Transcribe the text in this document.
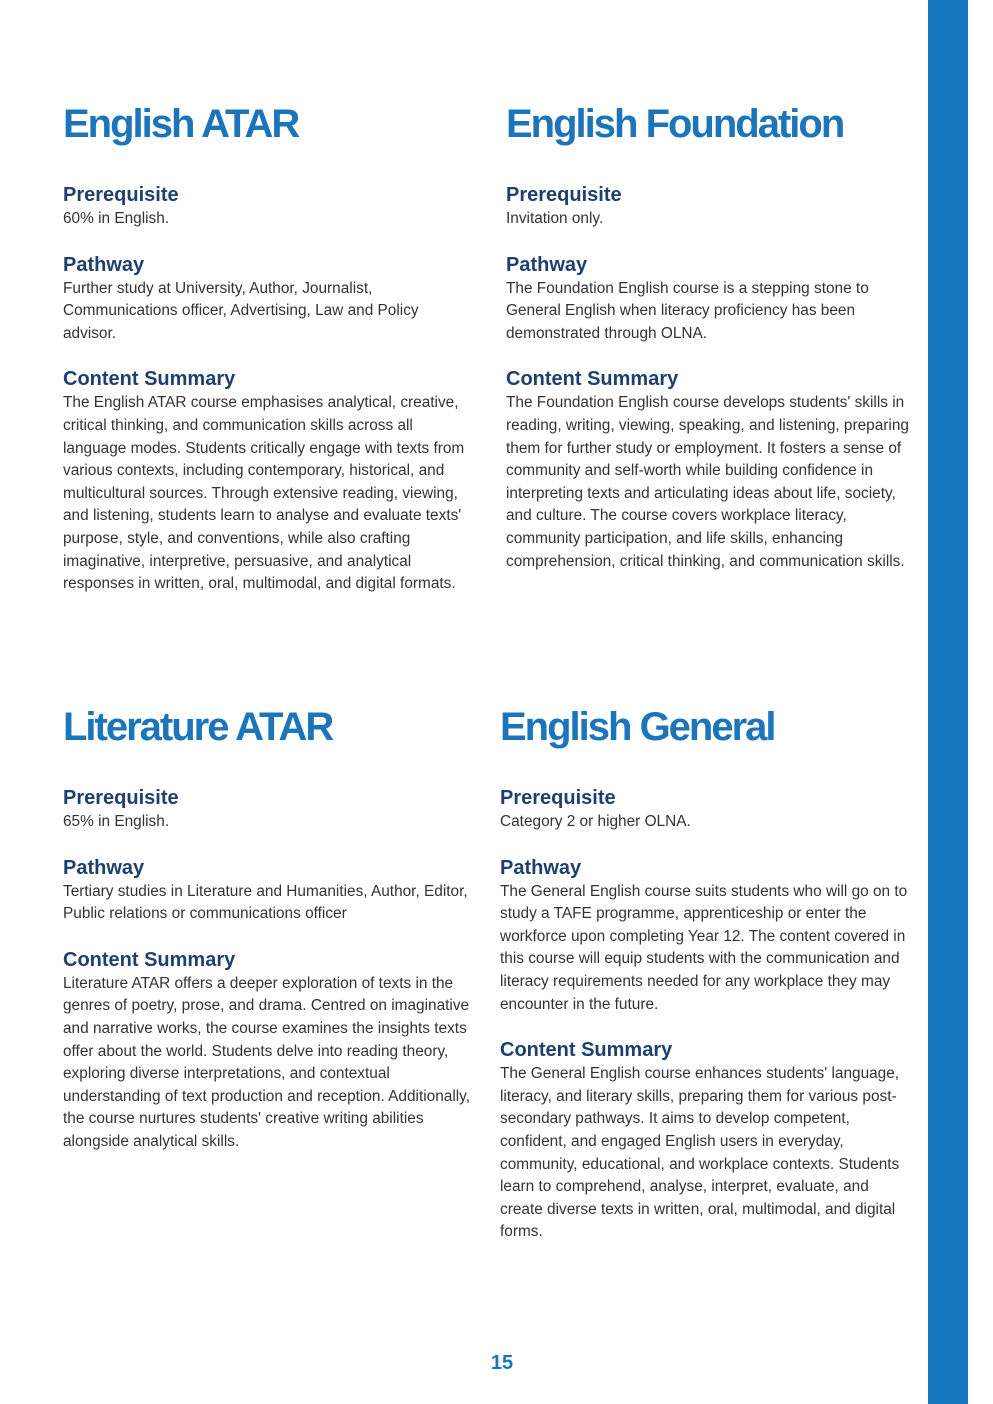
English ATAR
Prerequisite

60% in English.

Pathway

Further study at University, Author, Journalist, Communications officer, Advertising, Law and Policy advisor.

Content Summary

The English ATAR course emphasises analytical, creative, critical thinking, and communication skills across all language modes. Students critically engage with texts from various contexts, including contemporary, historical, and multicultural sources. Through extensive reading, viewing, and listening, students learn to analyse and evaluate texts' purpose, style, and conventions, while also crafting imaginative, interpretive, persuasive, and analytical responses in written, oral, multimodal, and digital formats.

English Foundation
Prerequisite

Invitation only.

Pathway

The Foundation English course is a stepping stone to General English when literacy proficiency has been demonstrated through OLNA.

Content Summary

The Foundation English course develops students' skills in reading, writing, viewing, speaking, and listening, preparing them for further study or employment. It fosters a sense of community and self-worth while building confidence in interpreting texts and articulating ideas about life, society, and culture. The course covers workplace literacy, community participation, and life skills, enhancing comprehension, critical thinking, and communication skills.

Literature ATAR
Prerequisite

65% in English.

Pathway

Tertiary studies in Literature and Humanities, Author, Editor, Public relations or communications officer

Content Summary

Literature ATAR offers a deeper exploration of texts in the genres of poetry, prose, and drama. Centred on imaginative and narrative works, the course examines the insights texts offer about the world. Students delve into reading theory, exploring diverse interpretations, and contextual understanding of text production and reception. Additionally, the course nurtures students' creative writing abilities alongside analytical skills.

English General
Prerequisite

Category 2 or higher OLNA.

Pathway

The General English course suits students who will go on to study a TAFE programme, apprenticeship or enter the workforce upon completing Year 12. The content covered in this course will equip students with the communication and literacy requirements needed for any workplace they may encounter in the future.

Content Summary

The General English course enhances students' language, literacy, and literary skills, preparing them for various post-secondary pathways. It aims to develop competent, confident, and engaged English users in everyday, community, educational, and workplace contexts. Students learn to comprehend, analyse, interpret, evaluate, and create diverse texts in written, oral, multimodal, and digital forms.

15
